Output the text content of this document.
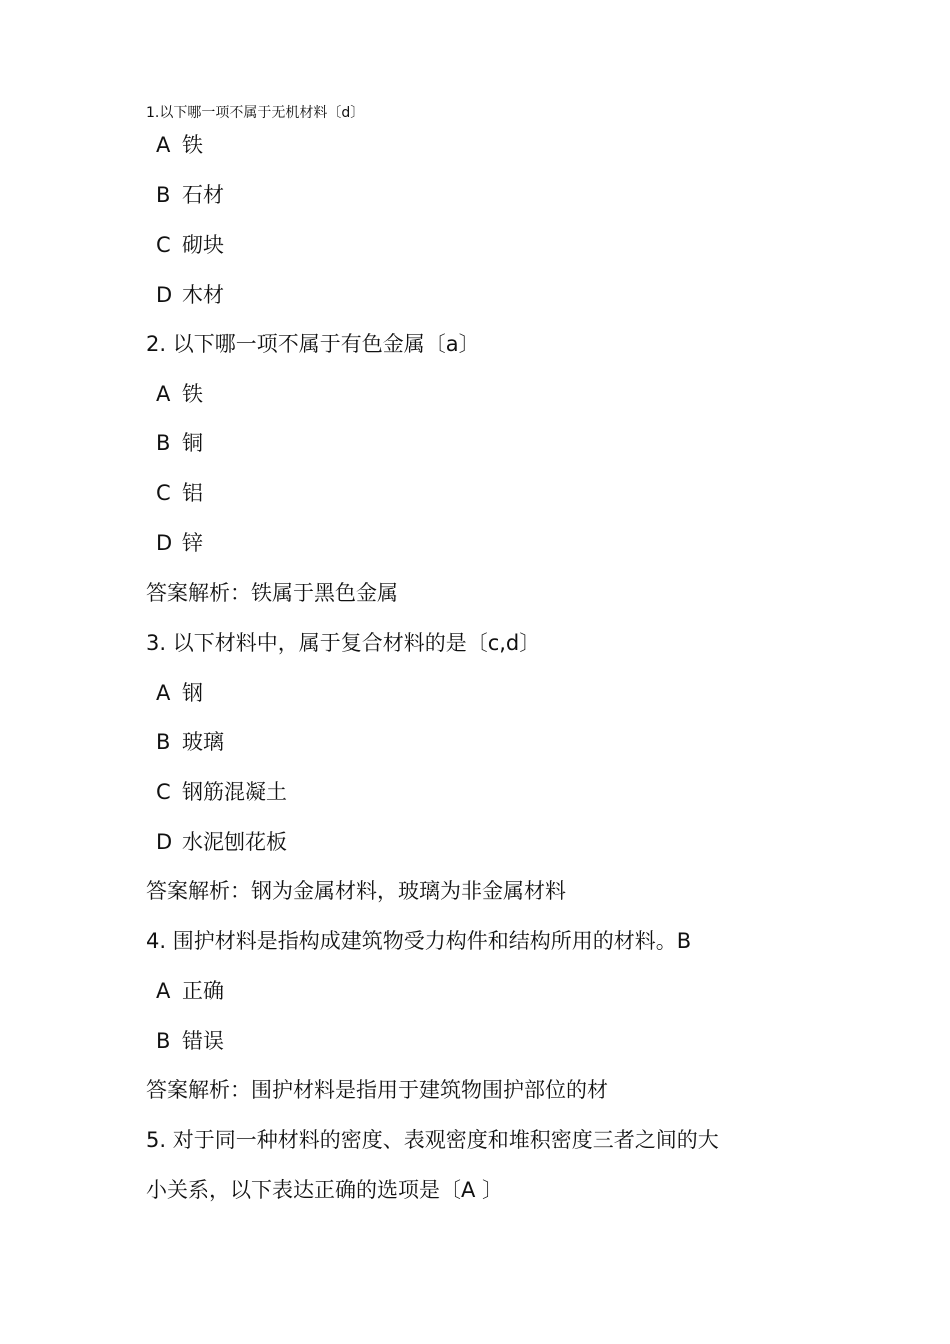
1.以下哪一项不属于无机材料〔d〕
A 铁
B 石材
C 砌块
D 木材
2. 以下哪一项不属于有色金属〔a〕
A 铁
B 铜
C 铝
D 锌
答案解析：铁属于黑色金属
3. 以下材料中，属于复合材料的是〔c,d〕
A 钢
B 玻璃
C 钢筋混凝土
D 水泥刨花板
答案解析：钢为金属材料，玻璃为非金属材料
4. 围护材料是指构成建筑物受力构件和结构所用的材料。B
A 正确
B 错误
答案解析：围护材料是指用于建筑物围护部位的材
5. 对于同一种材料的密度、表观密度和堆积密度三者之间的大
小关系，以下表达正确的选项是〔A 〕
